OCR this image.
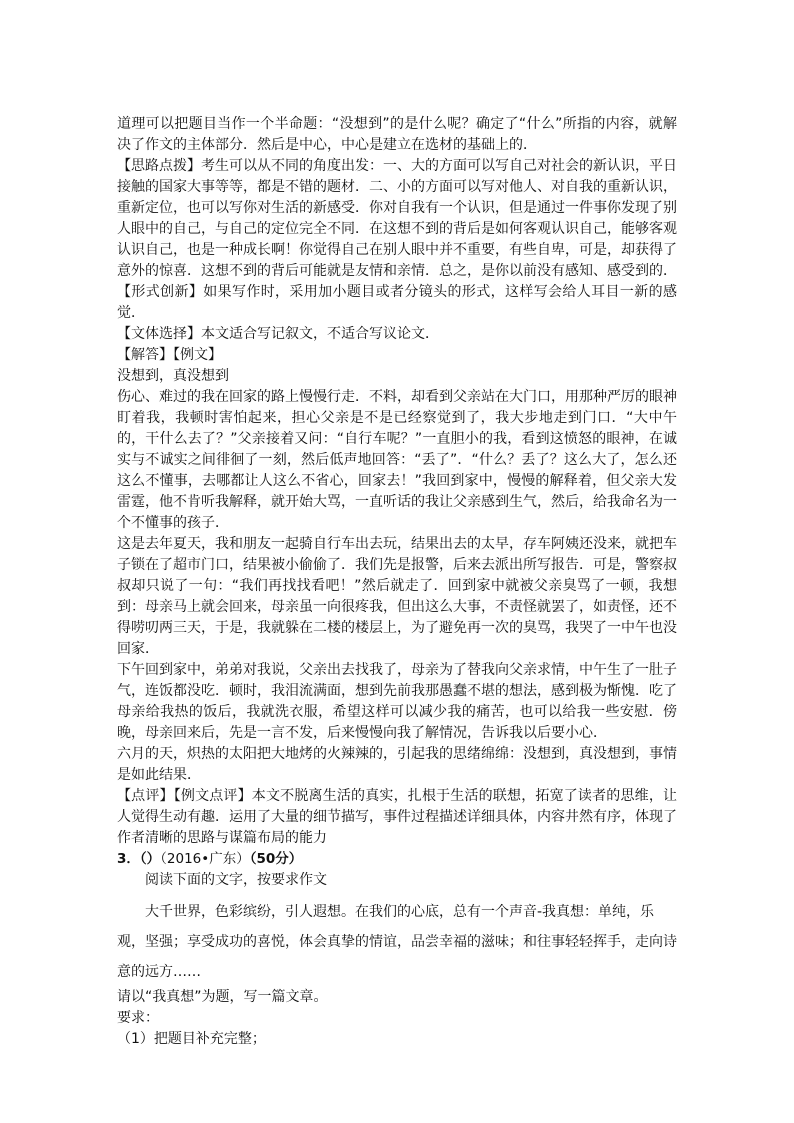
道理可以把题目当作一个半命题：“没想到”的是什么呢？确定了“什么”所指的内容，就解决了作文的主体部分．然后是中心，中心是建立在选材的基础上的．

【思路点拨】考生可以从不同的角度出发：一、大的方面可以写自己对社会的新认识，平日接触的国家大事等等，都是不错的题材．二、小的方面可以写对他人、对自我的重新认识，重新定位，也可以写你对生活的新感受．你对自我有一个认识，但是通过一件事你发现了别人眼中的自己，与自己的定位完全不同．在这想不到的背后是如何客观认识自己，能够客观认识自己，也是一种成长啊！你觉得自己在别人眼中并不重要，有些自卑，可是，却获得了意外的惊喜．这想不到的背后可能就是友情和亲情．总之，是你以前没有感知、感受到的．

【形式创新】如果写作时，采用加小题目或者分镜头的形式，这样写会给人耳目一新的感觉．

【文体选择】本文适合写记叙文，不适合写议论文．

【解答】【例文】

没想到，真没想到

伤心、难过的我在回家的路上慢慢行走．不料，却看到父亲站在大门口，用那种严厉的眼神盯着我，我顿时害怕起来，担心父亲是不是已经察觉到了，我大步地走到门口．“大中午的，干什么去了？”父亲接着又问：“自行车呢？”一直胆小的我，看到这愤怒的眼神，在诚实与不诚实之间徘徊了一刻，然后低声地回答：“丢了”．“什么？丢了？这么大了，怎么还这么不懂事，去哪都让人这么不省心，回家去！”我回到家中，慢慢的解释着，但父亲大发雷霆，他不肯听我解释，就开始大骂，一直听话的我让父亲感到生气，然后，给我命名为一个不懂事的孩子．

这是去年夏天，我和朋友一起骑自行车出去玩，结果出去的太早，存车阿姨还没来，就把车子锁在了超市门口，结果被小偷偷了．我们先是报警，后来去派出所写报告．可是，警察叔叔却只说了一句：“我们再找找看吧！”然后就走了．回到家中就被父亲臭骂了一顿，我想到：母亲马上就会回来，母亲虽一向很疼我，但出这么大事，不责怪就罢了，如责怪，还不得唠叨两三天，于是，我就躲在二楼的楼层上，为了避免再一次的臭骂，我哭了一中午也没回家．

下午回到家中，弟弟对我说，父亲出去找我了，母亲为了替我向父亲求情，中午生了一肚子气，连饭都没吃．顿时，我泪流满面，想到先前我那愚蠢不堪的想法，感到极为惭愧．吃了母亲给我热的饭后，我就洗衣服，希望这样可以减少我的痛苦，也可以给我一些安慰．傍晚，母亲回来后，先是一言不发，后来慢慢向我了解情况，告诉我以后要小心．

六月的天，炽热的太阳把大地烤的火辣辣的，引起我的思绪绵绵：没想到，真没想到，事情是如此结果．

【点评】【例文点评】本文不脱离生活的真实，扎根于生活的联想，拓宽了读者的思维，让人觉得生动有趣．运用了大量的细节描写，事件过程描述详细具体，内容井然有序，体现了作者清晰的思路与谋篇布局的能力

3．（）（2016•广东）（50分）

阅读下面的文字，按要求作文

大千世界，色彩缤纷，引人遐想。在我们的心底，总有一个声音-我真想：单纯，乐观，坚强；享受成功的喜悦，体会真挚的情谊，品尝幸福的滋味；和往事轻轻挥手，走向诗意的远方……

请以“我真想”为题，写一篇文章。

要求：

（1）把题目补充完整；
